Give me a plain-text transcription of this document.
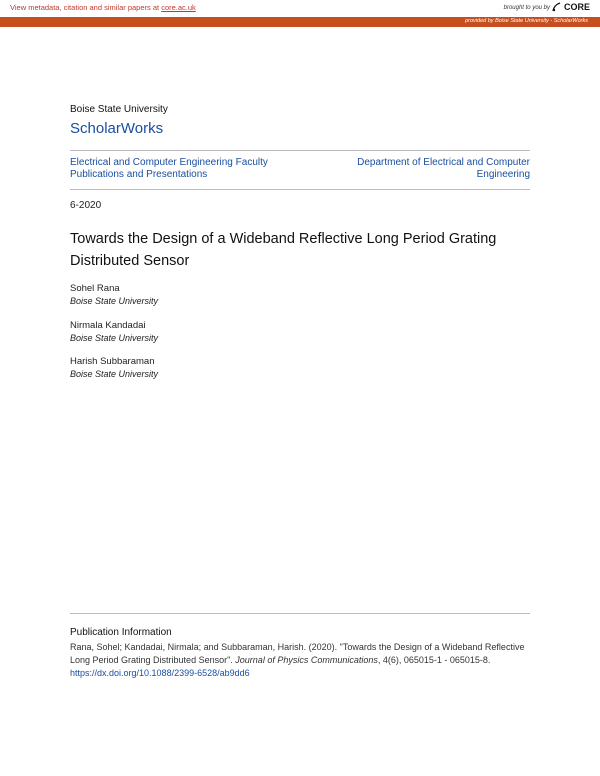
View metadata, citation and similar papers at core.ac.uk	brought to you by CORE
provided by Boise State University - ScholarWorks
Boise State University
ScholarWorks
Electrical and Computer Engineering Faculty
Publications and Presentations
Department of Electrical and Computer
Engineering
6-2020
Towards the Design of a Wideband Reflective Long Period Grating
Distributed Sensor
Sohel Rana
Boise State University
Nirmala Kandadai
Boise State University
Harish Subbaraman
Boise State University
Publication Information
Rana, Sohel; Kandadai, Nirmala; and Subbaraman, Harish. (2020). "Towards the Design of a Wideband Reflective Long Period Grating Distributed Sensor". Journal of Physics Communications, 4(6), 065015-1 - 065015-8. https://dx.doi.org/10.1088/2399-6528/ab9dd6
